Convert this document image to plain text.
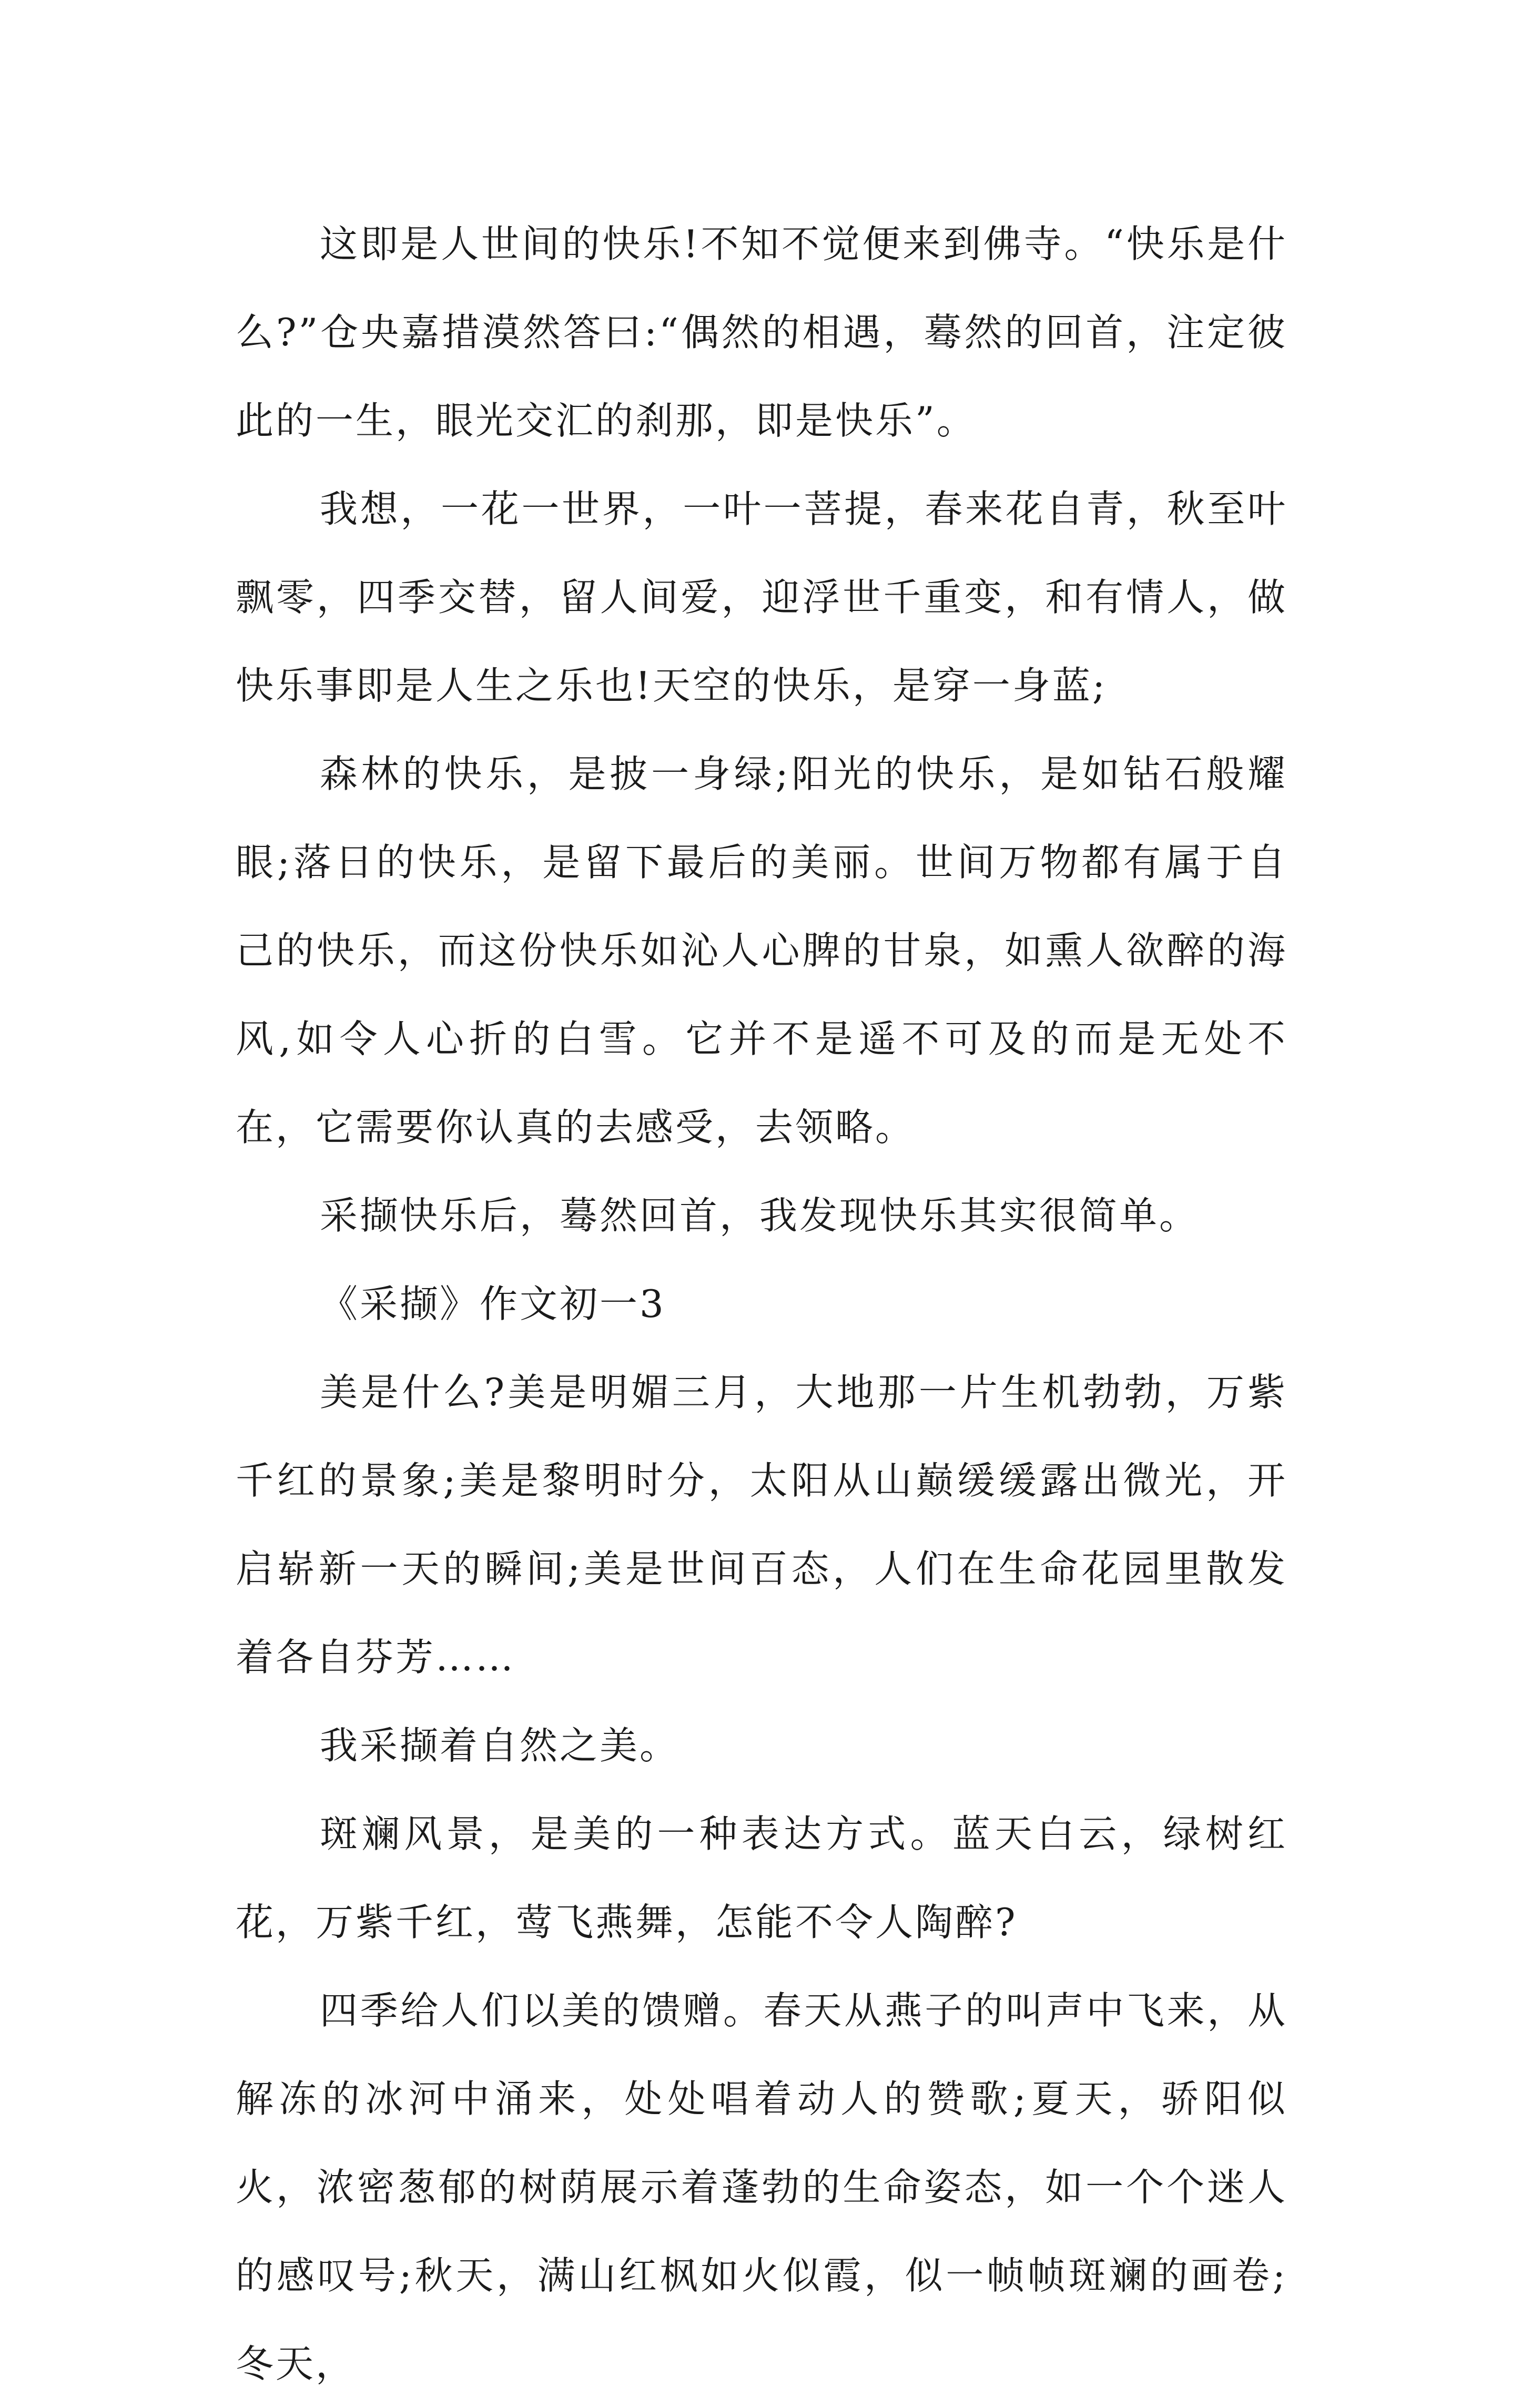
这即是人世间的快乐!不知不觉便来到佛寺。“快乐是什么?”仓央嘉措漠然答曰:“偶然的相遇，蓦然的回首，注定彼此的一生，眼光交汇的刹那，即是快乐”。

我想，一花一世界，一叶一菩提，春来花自青，秋至叶飘零，四季交替，留人间爱，迎浮世千重变，和有情人，做快乐事即是人生之乐也!天空的快乐，是穿一身蓝;

森林的快乐，是披一身绿;阳光的快乐，是如钻石般耀眼;落日的快乐，是留下最后的美丽。世间万物都有属于自己的快乐，而这份快乐如沁人心脾的甘泉，如熏人欲醉的海风,如令人心折的白雪。它并不是遥不可及的而是无处不在，它需要你认真的去感受，去领略。

采撷快乐后，蓦然回首，我发现快乐其实很简单。

《采撷》作文初一3

美是什么?美是明媚三月，大地那一片生机勃勃，万紫千红的景象;美是黎明时分，太阳从山巅缓缓露出微光，开启崭新一天的瞬间;美是世间百态，人们在生命花园里散发着各自芬芳……

我采撷着自然之美。

斑斓风景，是美的一种表达方式。蓝天白云，绿树红花，万紫千红，莺飞燕舞，怎能不令人陶醉?

四季给人们以美的馈赠。春天从燕子的叫声中飞来，从解冻的冰河中涌来，处处唱着动人的赞歌;夏天，骄阳似火，浓密葱郁的树荫展示着蓬勃的生命姿态，如一个个迷人的感叹号;秋天，满山红枫如火似霞，似一帧帧斑斓的画卷;冬天，
